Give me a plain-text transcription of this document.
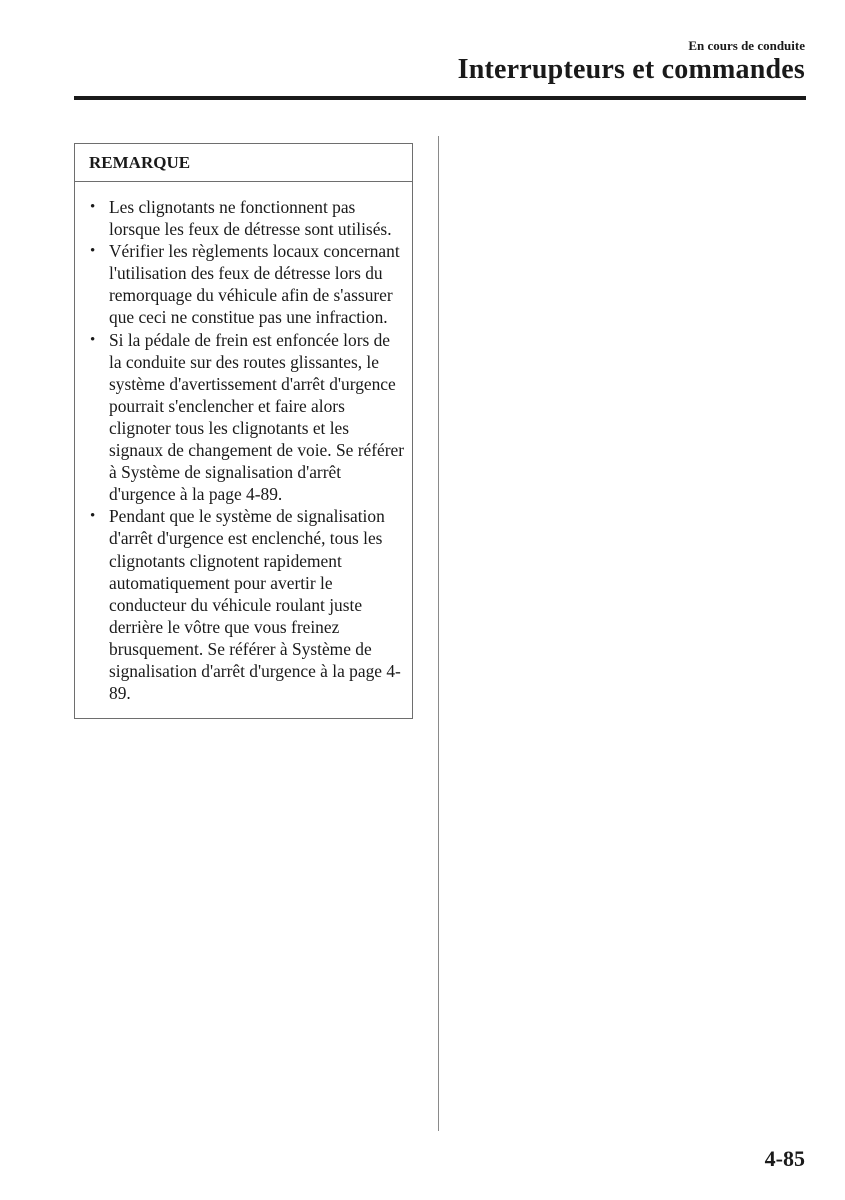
En cours de conduite
Interrupteurs et commandes
REMARQUE
• Les clignotants ne fonctionnent pas lorsque les feux de détresse sont utilisés.
• Vérifier les règlements locaux concernant l'utilisation des feux de détresse lors du remorquage du véhicule afin de s'assurer que ceci ne constitue pas une infraction.
• Si la pédale de frein est enfoncée lors de la conduite sur des routes glissantes, le système d'avertissement d'arrêt d'urgence pourrait s'enclencher et faire alors clignoter tous les clignotants et les signaux de changement de voie. Se référer à Système de signalisation d'arrêt d'urgence à la page 4-89.
• Pendant que le système de signalisation d'arrêt d'urgence est enclenché, tous les clignotants clignotent rapidement automatiquement pour avertir le conducteur du véhicule roulant juste derrière le vôtre que vous freinez brusquement. Se référer à Système de signalisation d'arrêt d'urgence à la page 4-89.
4-85
